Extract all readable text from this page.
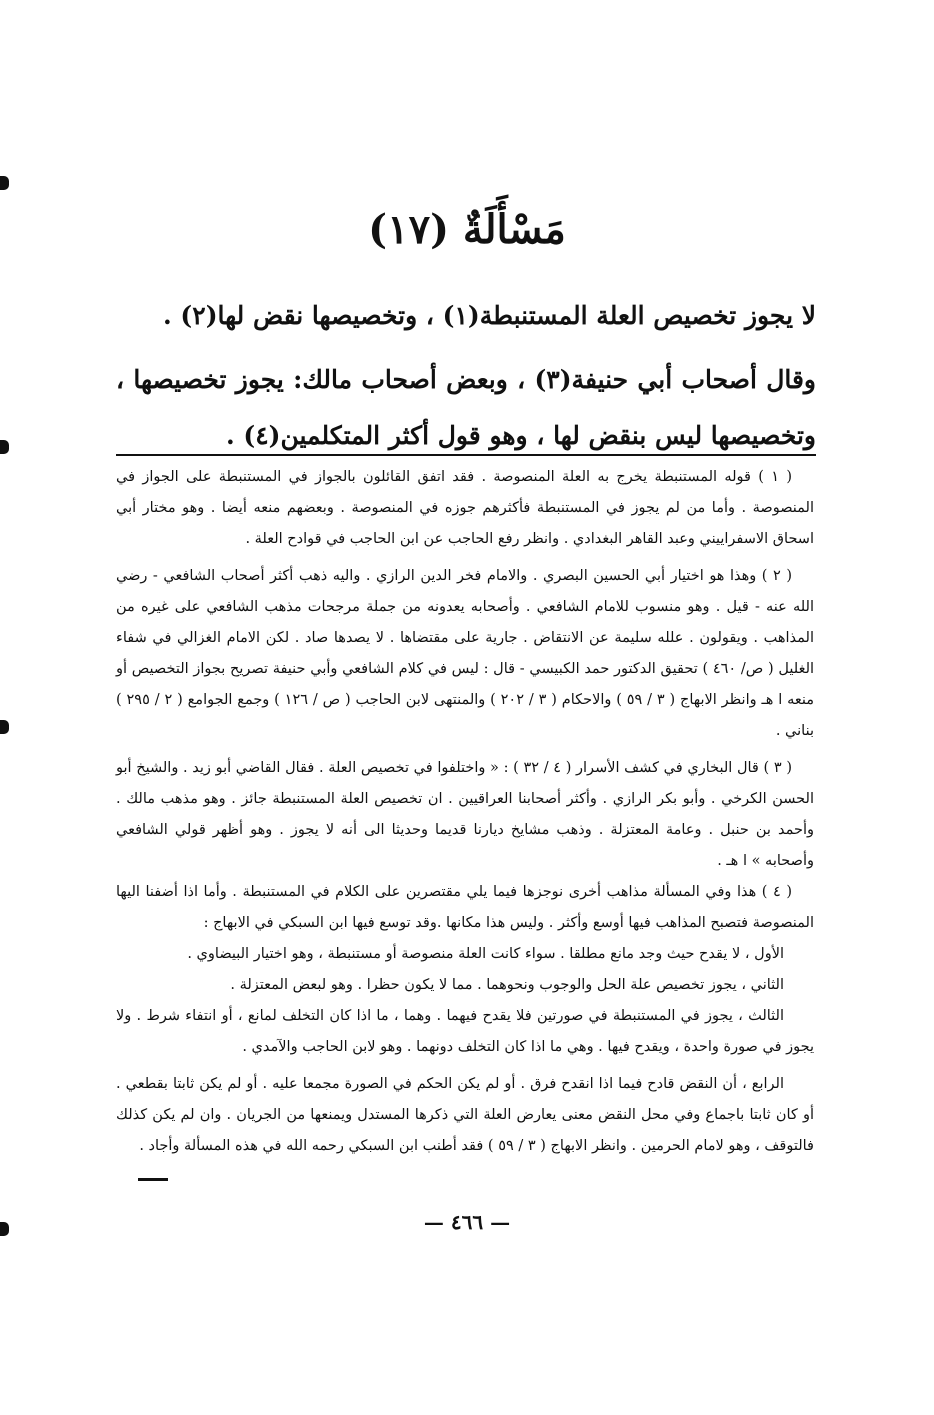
مَسْأَلَةٌ (١٧)

لا يجوز تخصيص العلة المستنبطة(١) ، وتخصيصها نقض لها(٢) .

وقال أصحاب أبي حنيفة(٣) ، وبعض أصحاب مالك: يجوز تخصيصها ، وتخصيصها ليس بنقض لها ، وهو قول أكثر المتكلمين(٤) .

( ١ ) قوله المستنبطة يخرج به العلة المنصوصة . فقد اتفق القائلون بالجواز في المستنبطة على الجواز في المنصوصة . وأما من لم يجوز في المستنبطة فأكثرهم جوزه في المنصوصة . وبعضهم منعه أيضا . وهو مختار أبي اسحاق الاسفراييني وعبد القاهر البغدادي . وانظر رفع الحاجب عن ابن الحاجب في قوادح العلة .

( ٢ ) وهذا هو اختيار أبي الحسين البصري . والامام فخر الدين الرازي . واليه ذهب أكثر أصحاب الشافعي - رضي الله عنه - قيل . وهو منسوب للامام الشافعي . وأصحابه يعدونه من جملة مرجحات مذهب الشافعي على غيره من المذاهب . ويقولون . علله سليمة عن الانتقاض . جارية على مقتضاها . لا يصدها صاد . لكن الامام الغزالي في شفاء الغليل ( ص/ ٤٦٠ ) تحقيق الدكتور حمد الكبيسي - قال : ليس في كلام الشافعي وأبي حنيفة تصريح بجواز التخصيص أو منعه ا هـ وانظر الابهاج ( ٣ / ٥٩ ) والاحكام ( ٣ / ٢٠٢ ) والمنتهى لابن الحاجب ( ص / ١٢٦ ) وجمع الجوامع ( ٢ / ٢٩٥ ) بناني .

( ٣ ) قال البخاري في كشف الأسرار ( ٤ / ٣٢ ) : « واختلفوا في تخصيص العلة . فقال القاضي أبو زيد . والشيخ أبو الحسن الكرخي . وأبو بكر الرازي . وأكثر أصحابنا العراقيين . ان تخصيص العلة المستنبطة جائز . وهو مذهب مالك . وأحمد بن حنبل . وعامة المعتزلة . وذهب مشايخ ديارنا قديما وحديثا الى أنه لا يجوز . وهو أظهر قولي الشافعي وأصحابه » ا هـ .

( ٤ ) هذا وفي المسألة مذاهب أخرى نوجزها فيما يلي مقتصرين على الكلام في المستنبطة . وأما اذا أضفنا اليها المنصوصة فتصبح المذاهب فيها أوسع وأكثر . وليس هذا مكانها .وقد توسع فيها ابن السبكي في الابهاج :

الأول ، لا يقدح حيث وجد مانع مطلقا . سواء كانت العلة منصوصة أو مستنبطة ، وهو اختيار البيضاوي .

الثاني ، يجوز تخصيص علة الحل والوجوب ونحوهما . مما لا يكون حظرا . وهو لبعض المعتزلة .

الثالث ، يجوز في المستنبطة في صورتين فلا يقدح فيهما . وهما ، ما اذا كان التخلف لمانع ، أو انتفاء شرط . ولا يجوز في صورة واحدة ، ويقدح فيها . وهي ما اذا كان التخلف دونهما . وهو لابن الحاجب والآمدي .

الرابع ، أن النقض قادح فيما اذا انقدح فرق . أو لم يكن الحكم في الصورة مجمعا عليه . أو لم يكن ثابتا بقطعي . أو كان ثابتا باجماع وفي محل النقض معنى يعارض العلة التي ذكرها المستدل ويمنعها من الجريان . وان لم يكن كذلك فالتوقف ، وهو لامام الحرمين . وانظر الابهاج ( ٣ / ٥٩ ) فقد أطنب ابن السبكي رحمه الله في هذه المسألة وأجاد .

— ٤٦٦ —
